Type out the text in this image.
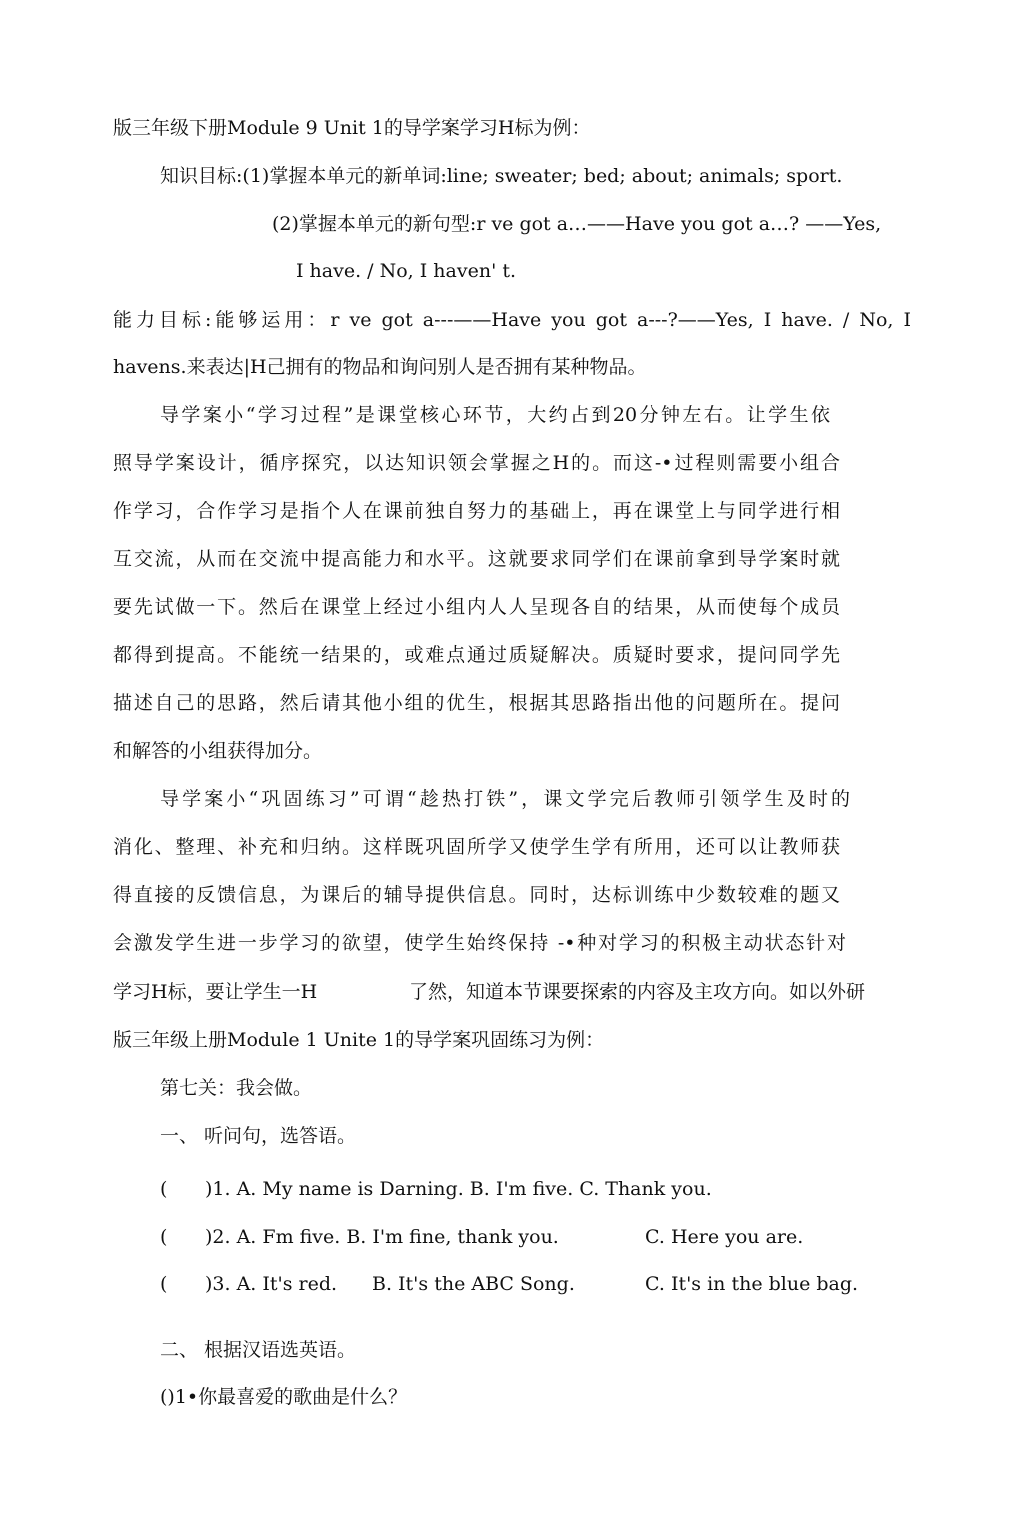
版三年级下册Module 9 Unit 1的导学案学习H标为例：
知识目标:(1)掌握本单元的新单词:line; sweater; bed; about; animals; sport.
(2)掌握本单元的新句型:r ve got a…——Have you got a…? ——Yes,
I have. / No, I haven' t.
能力目标:能够运用：r ve got a---——Have you got a---?——Yes, I have. / No, I
havens.来表达|H己拥有的物品和询问别人是否拥有某种物品。
导学案小“学习过程”是课堂核心环节，大约占到20分钟左右。让学生依
照导学案设计，循序探究，以达知识领会掌握之H的。而这-•过程则需要小组合
作学习，合作学习是指个人在课前独自努力的基础上，再在课堂上与同学进行相
互交流，从而在交流中提高能力和水平。这就要求同学们在课前拿到导学案时就
要先试做一下。然后在课堂上经过小组内人人呈现各自的结果，从而使每个成员
都得到提高。不能统一结果的，或难点通过质疑解决。质疑时要求，提问同学先
描述自己的思路，然后请其他小组的优生，根据其思路指出他的问题所在。提问
和解答的小组获得加分。
导学案小“巩固练习”可谓“趁热打铁”，课文学完后教师引领学生及时的
消化、整理、补充和归纳。这样既巩固所学又使学生学有所用，还可以让教师获
得直接的反馈信息，为课后的辅导提供信息。同时，达标训练中少数较难的题又
会激发学生进一步学习的欲望，使学生始终保持 -•种对学习的积极主动状态针对
学习H标，要让学生一H	了然，知道本节课要探索的内容及主攻方向。如以外研
版三年级上册Module 1 Unite 1的导学案巩固练习为例：
第七关：我会做。
一、 听问句，选答语。
( )1. A. My name is Darning. B. I'm five. C. Thank you.
( )2. A. Fm five. B. I'm fine, thank you.	C. Here you are.
( )3. A. It's red. B. It's the ABC Song.	C. It's in the blue bag.
二、 根据汉语选英语。
()1•你最喜爱的歌曲是什么？
